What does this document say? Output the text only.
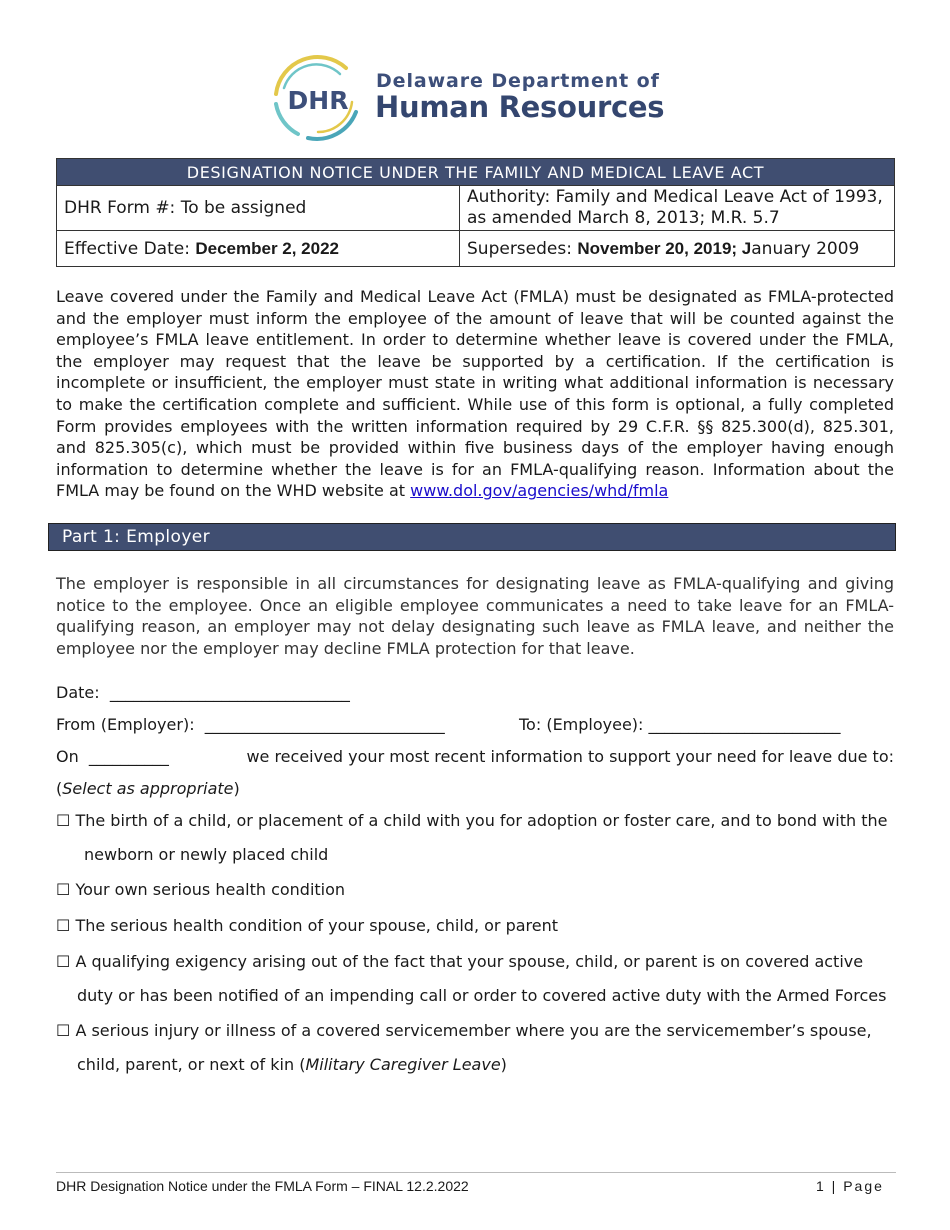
DHR
Delaware Department of
Human Resources
DESIGNATION NOTICE UNDER THE FAMILY AND MEDICAL LEAVE ACT	
DHR Form #: To be assigned	Authority: Family and Medical Leave Act of 1993, as amended March 8, 2013; M.R. 5.7
Effective Date: December 2, 2022	Supersedes: November 20, 2019; January 2009
Leave covered under the Family and Medical Leave Act (FMLA) must be designated as FMLA-protected and the employer must inform the employee of the amount of leave that will be counted against the employee’s FMLA leave entitlement. In order to determine whether leave is covered under the FMLA, the employer may request that the leave be supported by a certification. If the certification is incomplete or insufficient, the employer must state in writing what additional information is necessary to make the certification complete and sufficient. While use of this form is optional, a fully completed Form provides employees with the written information required by 29 C.F.R. §§ 825.300(d), 825.301, and 825.305(c), which must be provided within five business days of the employer having enough information to determine whether the leave is for an FMLA-qualifying reason. Information about the FMLA may be found on the WHD website at www.dol.gov/agencies/whd/fmla
Part 1: Employer
The employer is responsible in all circumstances for designating leave as FMLA-qualifying and giving notice to the employee. Once an eligible employee communicates a need to take leave for an FMLA-qualifying reason, an employer may not delay designating such leave as FMLA leave, and neither the employee nor the employer may decline FMLA protection for that leave.
Date: ______________________________
From (Employer): ______________________________	To: (Employee): ________________________
On __________	we received your most recent information to support your need for leave due to:
(Select as appropriate)
☐ The birth of a child, or placement of a child with you for adoption or foster care, and to bond with the
newborn or newly placed child
☐ Your own serious health condition
☐ The serious health condition of your spouse, child, or parent
☐ A qualifying exigency arising out of the fact that your spouse, child, or parent is on covered active
duty or has been notified of an impending call or order to covered active duty with the Armed Forces
☐ A serious injury or illness of a covered servicemember where you are the servicemember’s spouse,
child, parent, or next of kin (Military Caregiver Leave)
DHR Designation Notice under the FMLA Form – FINAL 12.2.2022	1 | Page
